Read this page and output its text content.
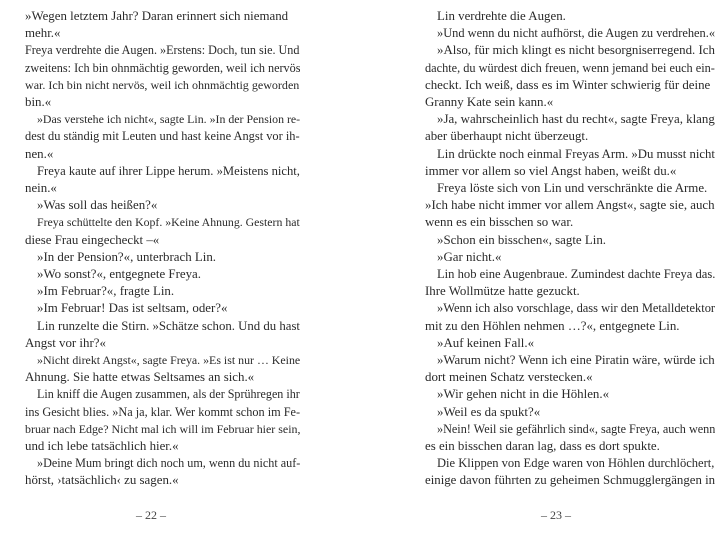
»Wegen letztem Jahr? Daran erinnert sich niemand
mehr.«
Freya verdrehte die Augen. »Erstens: Doch, tun sie. Und
zweitens: Ich bin ohnmächtig geworden, weil ich nervös
war. Ich bin nicht nervös, weil ich ohnmächtig geworden
bin.«
»Das verstehe ich nicht«, sagte Lin. »In der Pension re-
dest du ständig mit Leuten und hast keine Angst vor ih-
nen.«
Freya kaute auf ihrer Lippe herum. »Meistens nicht,
nein.«
»Was soll das heißen?«
Freya schüttelte den Kopf. »Keine Ahnung. Gestern hat
diese Frau eingecheckt –«
»In der Pension?«, unterbrach Lin.
»Wo sonst?«, entgegnete Freya.
»Im Februar?«, fragte Lin.
»Im Februar! Das ist seltsam, oder?«
Lin runzelte die Stirn. »Schätze schon. Und du hast
Angst vor ihr?«
»Nicht direkt Angst«, sagte Freya. »Es ist nur … Keine
Ahnung. Sie hatte etwas Seltsames an sich.«
Lin kniff die Augen zusammen, als der Sprühregen ihr
ins Gesicht blies. »Na ja, klar. Wer kommt schon im Fe-
bruar nach Edge? Nicht mal ich will im Februar hier sein,
und ich lebe tatsächlich hier.«
»Deine Mum bringt dich noch um, wenn du nicht auf-
hörst, ›tatsächlich‹ zu sagen.«
Lin verdrehte die Augen.
»Und wenn du nicht aufhörst, die Augen zu verdrehen.«
»Also, für mich klingt es nicht besorgniserregend. Ich
dachte, du würdest dich freuen, wenn jemand bei euch ein-
checkt. Ich weiß, dass es im Winter schwierig für deine
Granny Kate sein kann.«
»Ja, wahrscheinlich hast du recht«, sagte Freya, klang
aber überhaupt nicht überzeugt.
Lin drückte noch einmal Freyas Arm. »Du musst nicht
immer vor allem so viel Angst haben, weißt du.«
Freya löste sich von Lin und verschränkte die Arme.
»Ich habe nicht immer vor allem Angst«, sagte sie, auch
wenn es ein bisschen so war.
»Schon ein bisschen«, sagte Lin.
»Gar nicht.«
Lin hob eine Augenbraue. Zumindest dachte Freya das.
Ihre Wollmütze hatte gezuckt.
»Wenn ich also vorschlage, dass wir den Metalldetektor
mit zu den Höhlen nehmen …?«, entgegnete Lin.
»Auf keinen Fall.«
»Warum nicht? Wenn ich eine Piratin wäre, würde ich
dort meinen Schatz verstecken.«
»Wir gehen nicht in die Höhlen.«
»Weil es da spukt?«
»Nein! Weil sie gefährlich sind«, sagte Freya, auch wenn
es ein bisschen daran lag, dass es dort spukte.
Die Klippen von Edge waren von Höhlen durchlöchert,
einige davon führten zu geheimen Schmugglergängen in
– 22 –	– 23 –
